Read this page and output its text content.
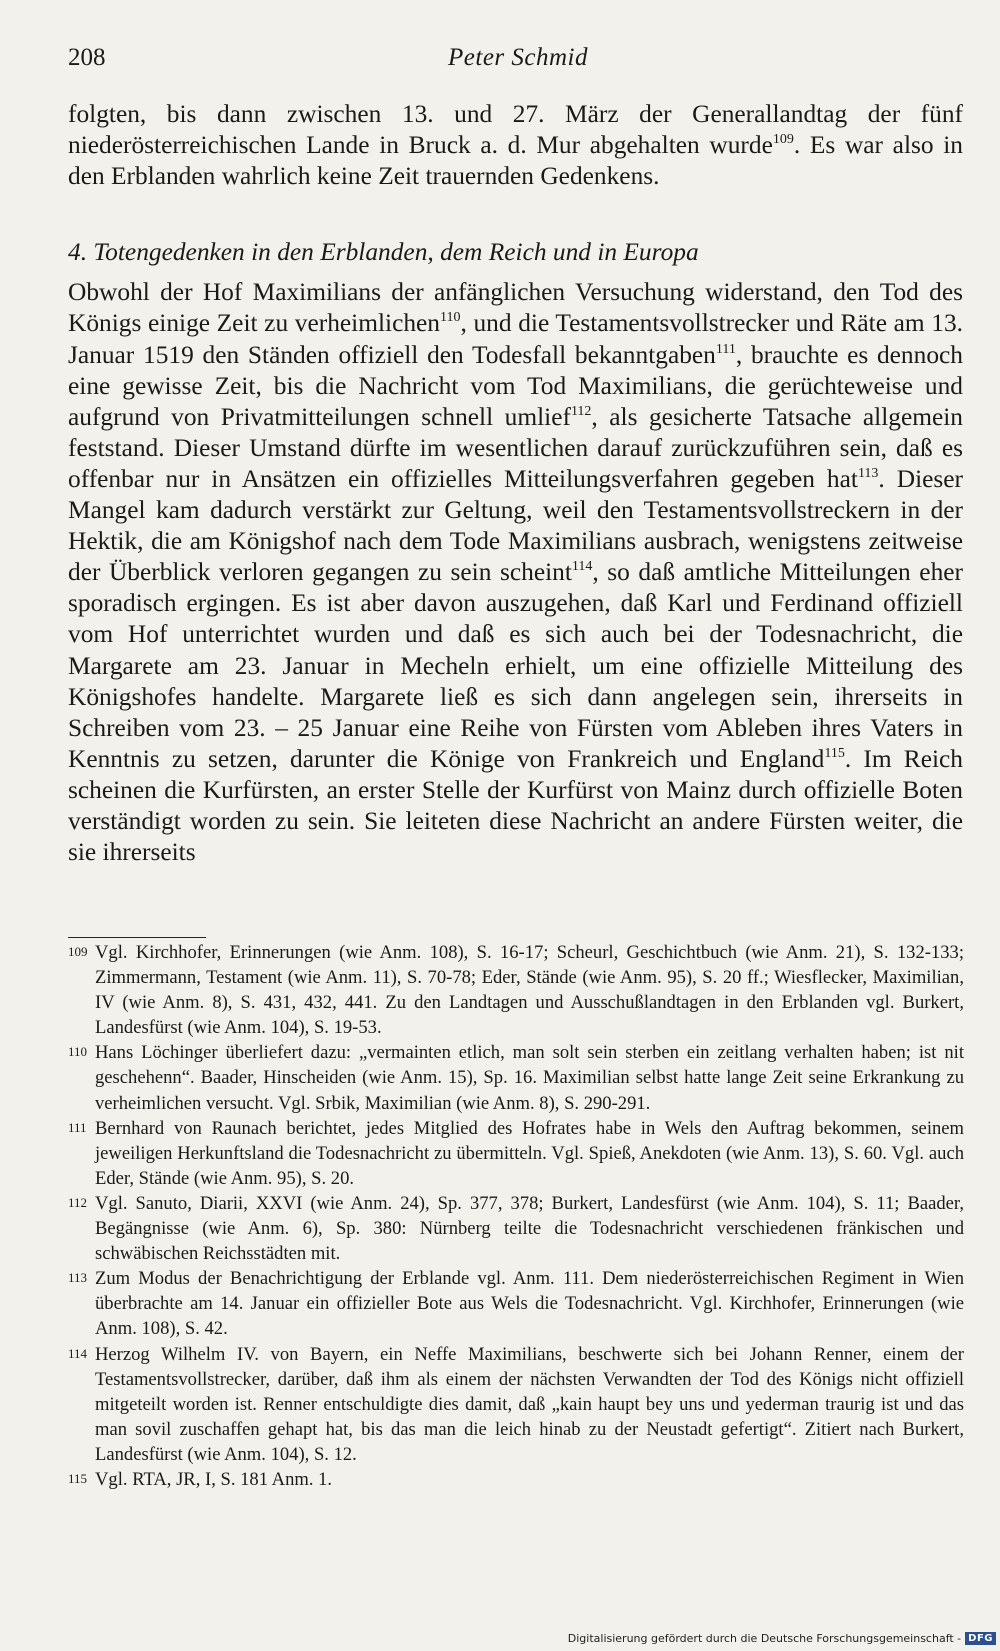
208	Peter Schmid

folgten, bis dann zwischen 13. und 27. März der Generallandtag der fünf niederösterreichischen Lande in Bruck a. d. Mur abgehalten wurde$^{109}$. Es war also in den Erblanden wahrlich keine Zeit trauernden Gedenkens.

4. Totengedenken in den Erblanden, dem Reich und in Europa

Obwohl der Hof Maximilians der anfänglichen Versuchung widerstand, den Tod des Königs einige Zeit zu verheimlichen$^{110}$, und die Testamentsvollstrecker und Räte am 13. Januar 1519 den Ständen offiziell den Todesfall bekanntgaben$^{111}$, brauchte es dennoch eine gewisse Zeit, bis die Nachricht vom Tod Maximilians, die gerüchteweise und aufgrund von Privatmitteilungen schnell umlief$^{112}$, als gesicherte Tatsache allgemein feststand. Dieser Umstand dürfte im wesentlichen darauf zurückzuführen sein, daß es offenbar nur in Ansätzen ein offizielles Mitteilungsverfahren gegeben hat$^{113}$. Dieser Mangel kam dadurch verstärkt zur Geltung, weil den Testamentsvollstreckern in der Hektik, die am Königshof nach dem Tode Maximilians ausbrach, wenigstens zeitweise der Überblick verloren gegangen zu sein scheint$^{114}$, so daß amtliche Mitteilungen eher sporadisch ergingen. Es ist aber davon auszugehen, daß Karl und Ferdinand offiziell vom Hof unterrichtet wurden und daß es sich auch bei der Todesnachricht, die Margarete am 23. Januar in Mecheln erhielt, um eine offizielle Mitteilung des Königshofes handelte. Margarete ließ es sich dann angelegen sein, ihrerseits in Schreiben vom 23. – 25 Januar eine Reihe von Fürsten vom Ableben ihres Vaters in Kenntnis zu setzen, darunter die Könige von Frankreich und England$^{115}$. Im Reich scheinen die Kurfürsten, an erster Stelle der Kurfürst von Mainz durch offizielle Boten verständigt worden zu sein. Sie leiteten diese Nachricht an andere Fürsten weiter, die sie ihrerseits

109 Vgl. Kirchhofer, Erinnerungen (wie Anm. 108), S. 16-17; Scheurl, Geschichtbuch (wie Anm. 21), S. 132-133; Zimmermann, Testament (wie Anm. 11), S. 70-78; Eder, Stände (wie Anm. 95), S. 20 ff.; Wiesflecker, Maximilian, IV (wie Anm. 8), S. 431, 432, 441. Zu den Landtagen und Ausschußlandtagen in den Erblanden vgl. Burkert, Landesfürst (wie Anm. 104), S. 19-53.
110 Hans Löchinger überliefert dazu: „vermainten etlich, man solt sein sterben ein zeitlang verhalten haben; ist nit geschehenn“. Baader, Hinscheiden (wie Anm. 15), Sp. 16. Maximilian selbst hatte lange Zeit seine Erkrankung zu verheimlichen versucht. Vgl. Srbik, Maximilian (wie Anm. 8), S. 290-291.
111 Bernhard von Raunach berichtet, jedes Mitglied des Hofrates habe in Wels den Auftrag bekommen, seinem jeweiligen Herkunftsland die Todesnachricht zu übermitteln. Vgl. Spieß, Anekdoten (wie Anm. 13), S. 60. Vgl. auch Eder, Stände (wie Anm. 95), S. 20.
112 Vgl. Sanuto, Diarii, XXVI (wie Anm. 24), Sp. 377, 378; Burkert, Landesfürst (wie Anm. 104), S. 11; Baader, Begängnisse (wie Anm. 6), Sp. 380: Nürnberg teilte die Todesnachricht verschiedenen fränkischen und schwäbischen Reichsstädten mit.
113 Zum Modus der Benachrichtigung der Erblande vgl. Anm. 111. Dem niederösterreichischen Regiment in Wien überbrachte am 14. Januar ein offizieller Bote aus Wels die Todesnachricht. Vgl. Kirchhofer, Erinnerungen (wie Anm. 108), S. 42.
114 Herzog Wilhelm IV. von Bayern, ein Neffe Maximilians, beschwerte sich bei Johann Renner, einem der Testamentsvollstrecker, darüber, daß ihm als einem der nächsten Verwandten der Tod des Königs nicht offiziell mitgeteilt worden ist. Renner entschuldigte dies damit, daß „kain haupt bey uns und yederman traurig ist und das man sovil zuschaffen gehapt hat, bis das man die leich hinab zu der Neustadt gefertigt“. Zitiert nach Burkert, Landesfürst (wie Anm. 104), S. 12.
115 Vgl. RTA, JR, I, S. 181 Anm. 1.
Digitalisierung gefördert durch die Deutsche Forschungsgemeinschaft - DFG
